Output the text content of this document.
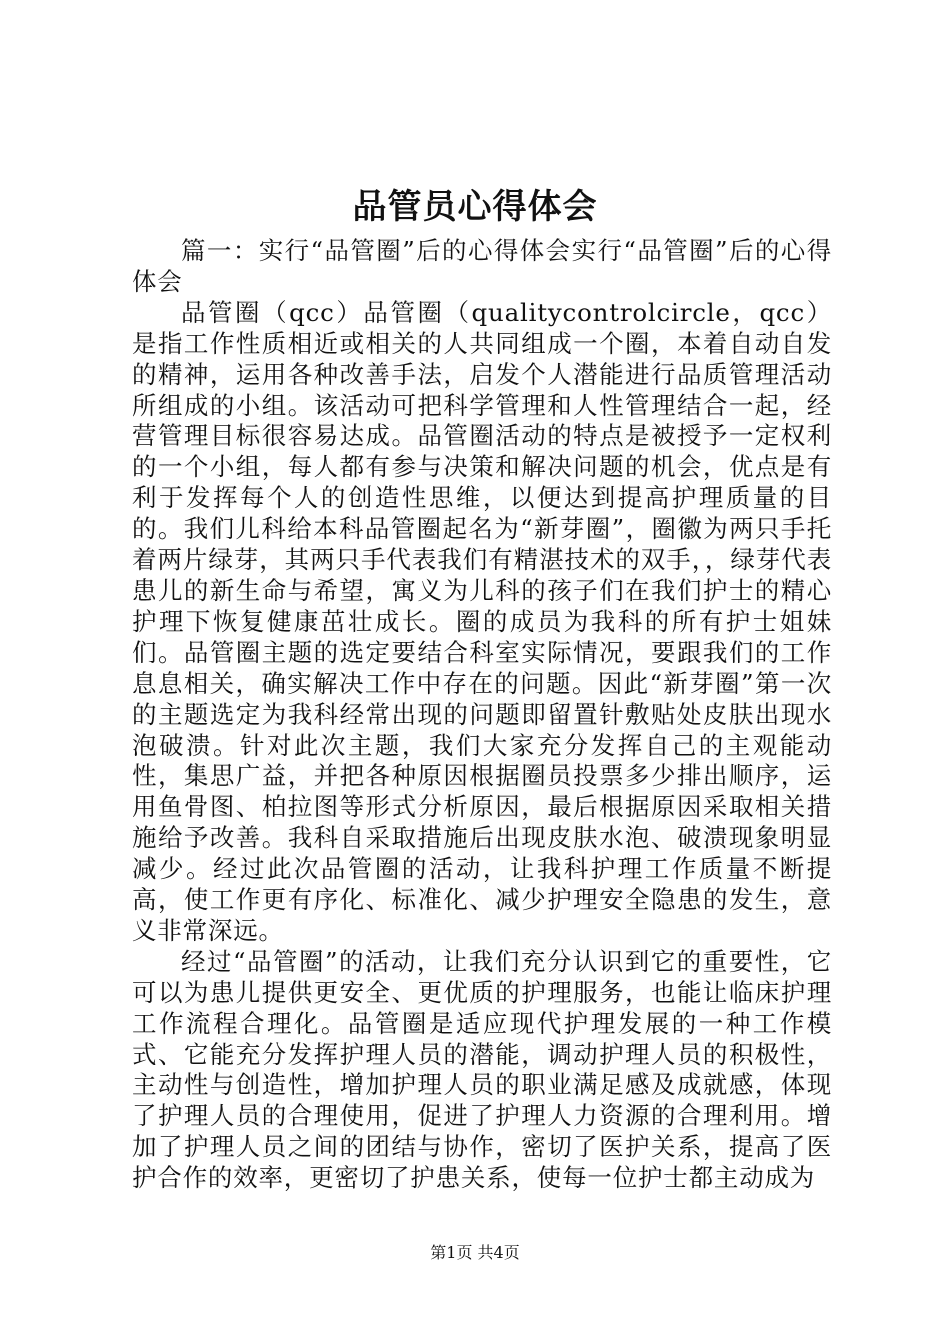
品管员心得体会

篇一：实行“品管圈”后的心得体会实行“品管圈”后的心得体会

品管圈（qcc）品管圈（qualitycontrolcircle，qcc）是指工作性质相近或相关的人共同组成一个圈，本着自动自发的精神，运用各种改善手法，启发个人潜能进行品质管理活动所组成的小组。该活动可把科学管理和人性管理结合一起，经营管理目标很容易达成。品管圈活动的特点是被授予一定权利的一个小组，每人都有参与决策和解决问题的机会，优点是有利于发挥每个人的创造性思维，以便达到提高护理质量的目的。我们儿科给本科品管圈起名为“新芽圈”，圈徽为两只手托着两片绿芽，其两只手代表我们有精湛技术的双手，，绿芽代表患儿的新生命与希望，寓义为儿科的孩子们在我们护士的精心护理下恢复健康茁壮成长。圈的成员为我科的所有护士姐妹们。品管圈主题的选定要结合科室实际情况，要跟我们的工作息息相关，确实解决工作中存在的问题。因此“新芽圈”第一次的主题选定为我科经常出现的问题即留置针敷贴处皮肤出现水泡破溃。针对此次主题，我们大家充分发挥自己的主观能动性，集思广益，并把各种原因根据圈员投票多少排出顺序，运用鱼骨图、柏拉图等形式分析原因，最后根据原因采取相关措施给予改善。我科自采取措施后出现皮肤水泡、破溃现象明显减少。经过此次品管圈的活动，让我科护理工作质量不断提高，使工作更有序化、标准化、减少护理安全隐患的发生，意义非常深远。

经过“品管圈”的活动，让我们充分认识到它的重要性，它可以为患儿提供更安全、更优质的护理服务，也能让临床护理工作流程合理化。品管圈是适应现代护理发展的一种工作模式、它能充分发挥护理人员的潜能，调动护理人员的积极性，主动性与创造性，增加护理人员的职业满足感及成就感，体现了护理人员的合理使用，促进了护理人力资源的合理利用。增加了护理人员之间的团结与协作，密切了医护关系，提高了医护合作的效率，更密切了护患关系，使每一位护士都主动成为

第1页 共4页
